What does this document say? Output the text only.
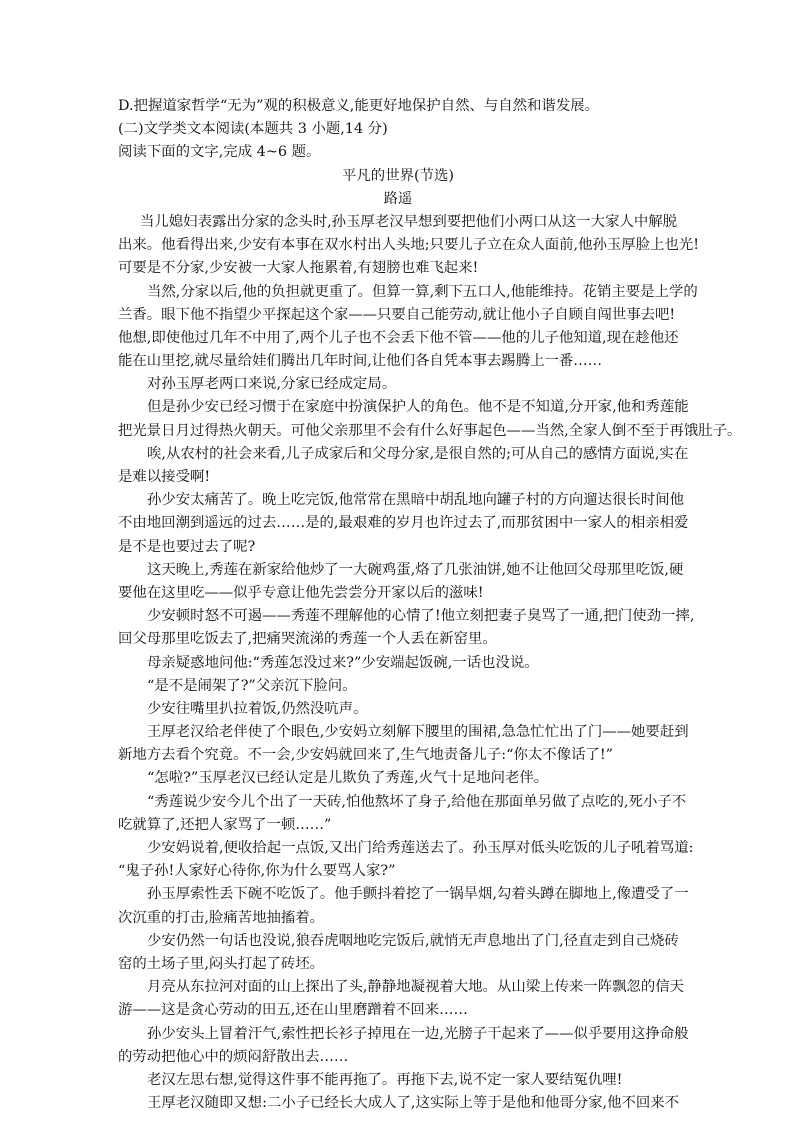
D.把握道家哲学“无为”观的积极意义,能更好地保护自然、与自然和谐发展。
(二)文学类文本阅读(本题共 3 小题,14 分)
阅读下面的文字,完成 4~6 题。
平凡的世界(节选)
路遥
当儿媳妇表露出分家的念头时,孙玉厚老汉早想到要把他们小两口从这一大家人中解脱
出来。他看得出来,少安有本事在双水村出人头地;只要儿子立在众人面前,他孙玉厚脸上也光!
可要是不分家,少安被一大家人拖累着,有翅膀也难飞起来!
当然,分家以后,他的负担就更重了。但算一算,剩下五口人,他能维持。花销主要是上学的
兰香。眼下他不指望少平探起这个家——只要自己能劳动,就让他小子自顾自闯世事去吧!
他想,即使他过几年不中用了,两个儿子也不会丢下他不管——他的儿子他知道,现在趁他还
能在山里挖,就尽量给娃们腾出几年时间,让他们各自凭本事去踢腾上一番……
对孙玉厚老两口来说,分家已经成定局。
但是孙少安已经习惯于在家庭中扮演保护人的角色。他不是不知道,分开家,他和秀莲能
把光景日月过得热火朝天。可他父亲那里不会有什么好事起色——当然,全家人倒不至于再饿肚子。
唉,从农村的社会来看,儿子成家后和父母分家,是很自然的;可从自己的感情方面说,实在
是难以接受啊!
孙少安太痛苦了。晚上吃完饭,他常常在黑暗中胡乱地向罐子村的方向遛达很长时间他
不由地回潮到遥远的过去……是的,最艰难的岁月也许过去了,而那贫困中一家人的相亲相爱
是不是也要过去了呢?
这天晚上,秀莲在新家给他炒了一大碗鸡蛋,烙了几张油饼,她不让他回父母那里吃饭,硬
要他在这里吃——似乎专意让他先尝尝分开家以后的滋味!
少安顿时怒不可遏——秀莲不理解他的心情了!他立刻把妻子臭骂了一通,把门使劲一摔,
回父母那里吃饭去了,把痛哭流涕的秀莲一个人丢在新窑里。
母亲疑惑地问他:“秀莲怎没过来?”少安端起饭碗,一话也没说。
“是不是闹架了?”父亲沉下脸问。
少安往嘴里扒拉着饭,仍然没吭声。
王厚老汉给老伴使了个眼色,少安妈立刻解下腰里的围裙,急急忙忙出了门——她要赶到
新地方去看个究竟。不一会,少安妈就回来了,生气地责备儿子:“你太不像话了!”
“怎啦?”玉厚老汉已经认定是儿欺负了秀莲,火气十足地问老伴。
“秀莲说少安今儿个出了一天砖,怕他熬坏了身子,给他在那面单另做了点吃的,死小子不
吃就算了,还把人家骂了一顿……”
少安妈说着,便收拾起一点饭,又出门给秀莲送去了。孙玉厚对低头吃饭的儿子吼着骂道:
“鬼子孙!人家好心待你,你为什么要骂人家?”
孙玉厚索性丢下碗不吃饭了。他手颤抖着挖了一锅旱烟,勾着头蹲在脚地上,像遭受了一
次沉重的打击,脸痛苦地抽搐着。
少安仍然一句话也没说,狼吞虎咽地吃完饭后,就悄无声息地出了门,径直走到自己烧砖
窑的土场子里,闷头打起了砖坯。
月亮从东拉河对面的山上探出了头,静静地凝视着大地。从山梁上传来一阵飘忽的信天
游——这是贪心劳动的田五,还在山里磨蹭着不回来……
孙少安头上冒着汗气,索性把长衫子掉甩在一边,光膀子干起来了——似乎要用这挣命般
的劳动把他心中的烦闷舒散出去……
老汉左思右想,觉得这件事不能再拖了。再拖下去,说不定一家人要结冤仇哩!
王厚老汉随即又想:二小子已经长大成人了,这实际上等于是他和他哥分家,他不回来不
